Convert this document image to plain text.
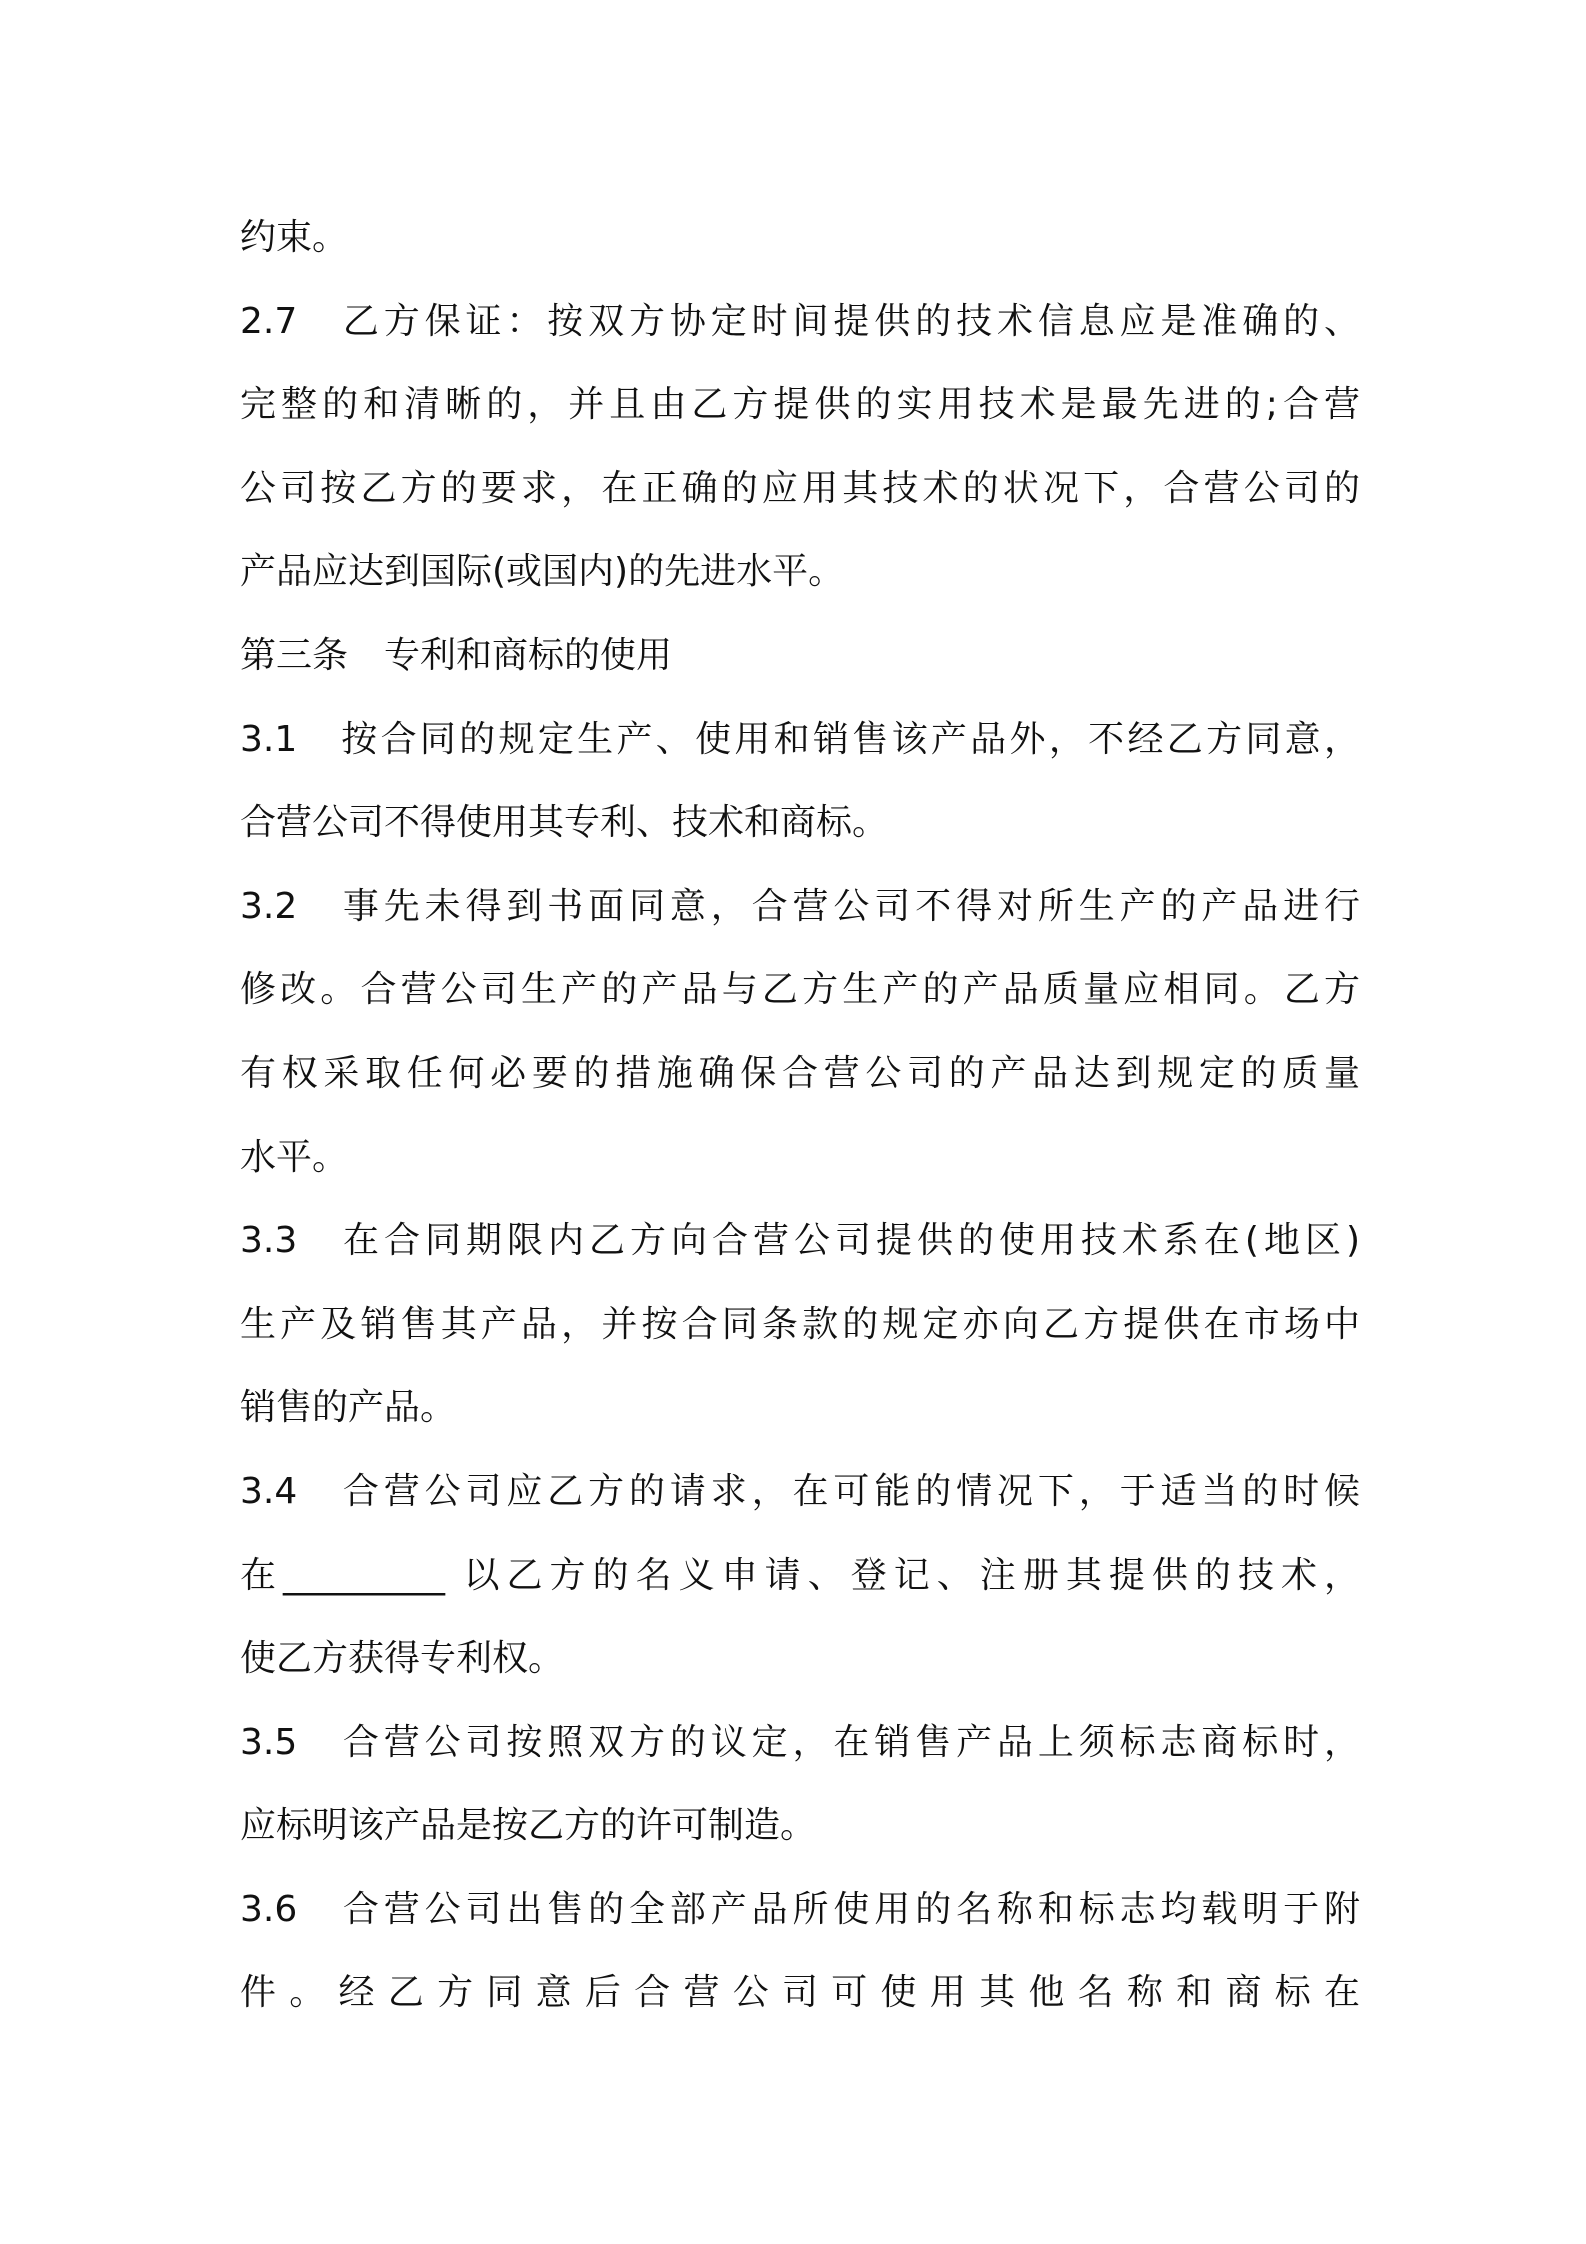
约束。
2.7 乙方保证：按双方协定时间提供的技术信息应是准确的、
完整的和清晰的，并且由乙方提供的实用技术是最先进的;合营
公司按乙方的要求，在正确的应用其技术的状况下，合营公司的
产品应达到国际(或国内)的先进水平。
第三条　专利和商标的使用
3.1 按合同的规定生产、使用和销售该产品外，不经乙方同意，
合营公司不得使用其专利、技术和商标。
3.2 事先未得到书面同意，合营公司不得对所生产的产品进行
修改。合营公司生产的产品与乙方生产的产品质量应相同。乙方
有权采取任何必要的措施确保合营公司的产品达到规定的质量
水平。
3.3 在合同期限内乙方向合营公司提供的使用技术系在(地区)
生产及销售其产品，并按合同条款的规定亦向乙方提供在市场中
销售的产品。
3.4 合营公司应乙方的请求，在可能的情况下，于适当的时候
在_________ 以乙方的名义申请、登记、注册其提供的技术，
使乙方获得专利权。
3.5 合营公司按照双方的议定，在销售产品上须标志商标时，
应标明该产品是按乙方的许可制造。
3.6 合营公司出售的全部产品所使用的名称和标志均载明于附
件。经乙方同意后合营公司可使用其他名称和商标在
